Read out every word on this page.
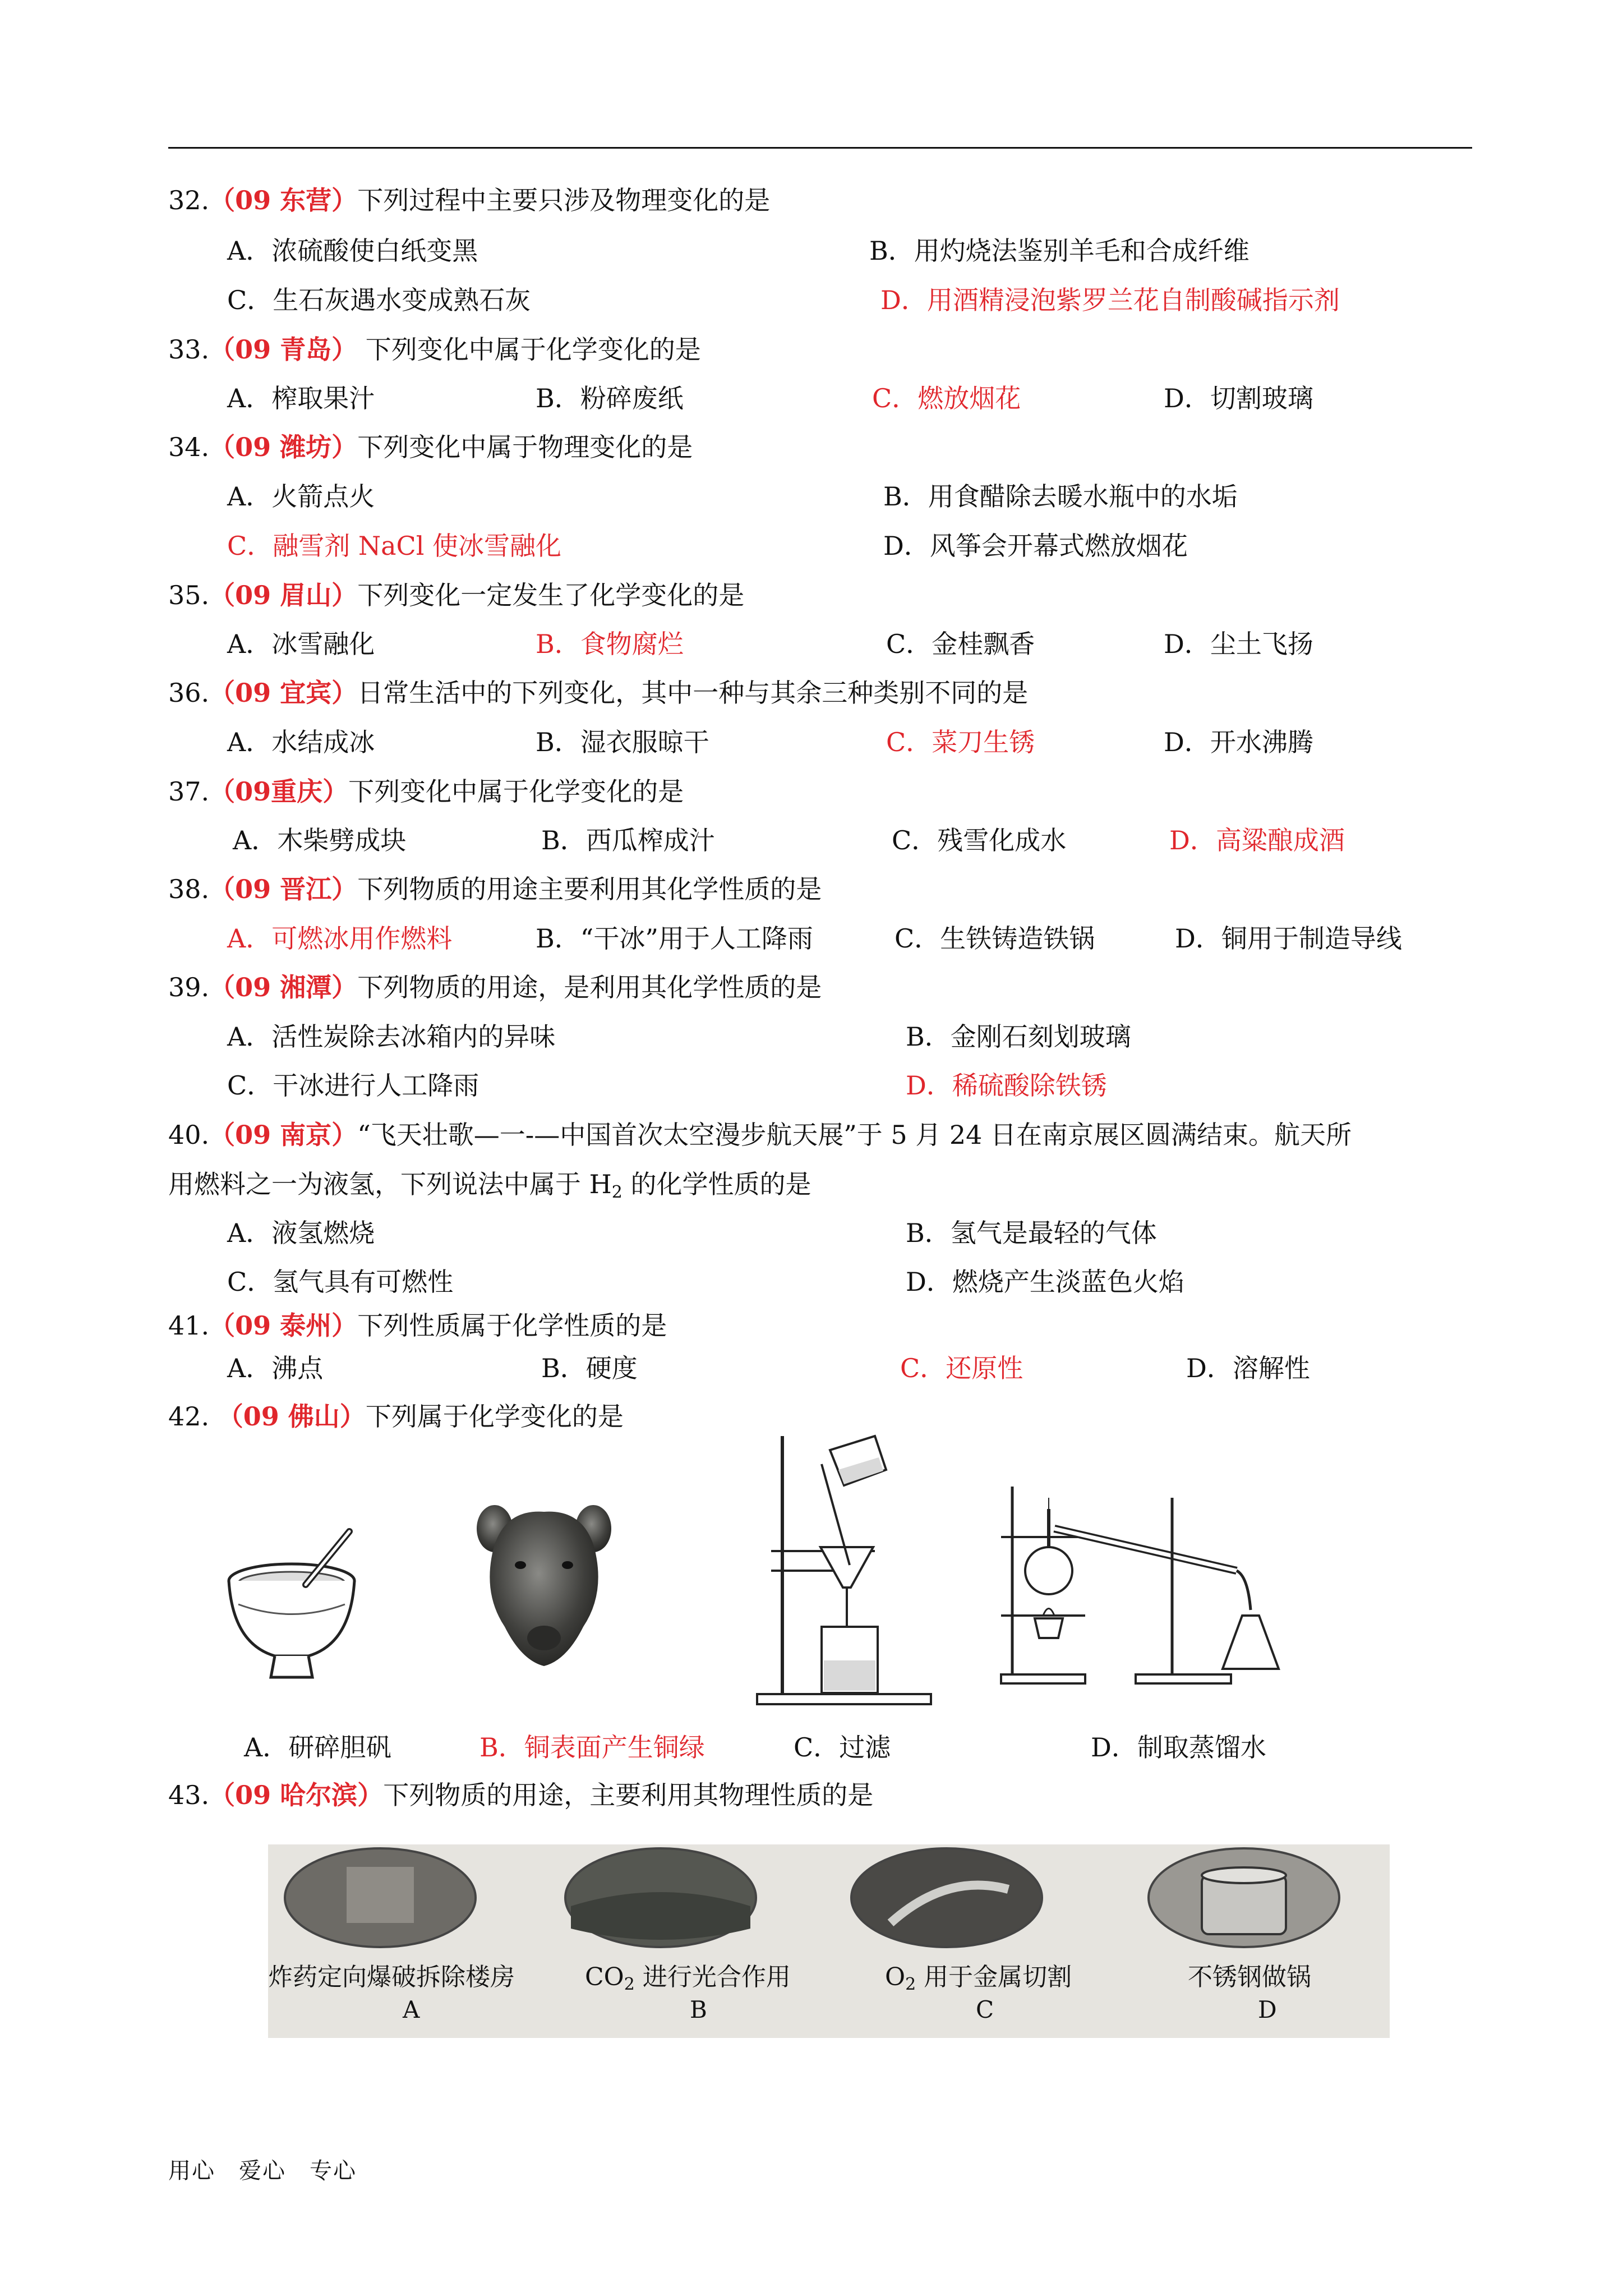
32.（09 东营）下列过程中主要只涉及物理变化的是
A．浓硫酸使白纸变黑	B．用灼烧法鉴别羊毛和合成纤维
C．生石灰遇水变成熟石灰	D．用酒精浸泡紫罗兰花自制酸碱指示剂
33.（09 青岛） 下列变化中属于化学变化的是
A．榨取果汁	B．粉碎废纸	C．燃放烟花	D．切割玻璃
34.（09 潍坊）下列变化中属于物理变化的是
A．火箭点火	B．用食醋除去暖水瓶中的水垢
C．融雪剂 NaCl 使冰雪融化	D．风筝会开幕式燃放烟花
35.（09 眉山）下列变化一定发生了化学变化的是
A．冰雪融化	B．食物腐烂	C．金桂飘香	D．尘土飞扬
36.（09 宜宾）日常生活中的下列变化，其中一种与其余三种类别不同的是
A．水结成冰	B．湿衣服晾干	C．菜刀生锈	D．开水沸腾
37.（09重庆）下列变化中属于化学变化的是
A．木柴劈成块	B．西瓜榨成汁	C．残雪化成水	D．高粱酿成酒
38.（09 晋江）下列物质的用途主要利用其化学性质的是
A．可燃冰用作燃料	B．“干冰”用于人工降雨	C．生铁铸造铁锅	D．铜用于制造导线
39.（09 湘潭）下列物质的用途，是利用其化学性质的是
A．活性炭除去冰箱内的异味	B．金刚石刻划玻璃
C．干冰进行人工降雨	D．稀硫酸除铁锈
40.（09 南京）“飞天壮歌—一-—中国首次太空漫步航天展”于 5 月 24 日在南京展区圆满结束。航天所
用燃料之一为液氢，下列说法中属于 $H_2$ 的化学性质的是
A．液氢燃烧	B．氢气是最轻的气体
C．氢气具有可燃性	D．燃烧产生淡蓝色火焰
41.（09 泰州）下列性质属于化学性质的是
A．沸点	B．硬度	C．还原性	D．溶解性
42. （09 佛山）下列属于化学变化的是
A．研碎胆矾	B．铜表面产生铜绿	C．过滤	D．制取蒸馏水
43.（09 哈尔滨）下列物质的用途，主要利用其物理性质的是
炸药定向爆破拆除楼房	$CO_2$ 进行光合作用	$O_2$ 用于金属切割	不锈钢做锅
A	B	C	D
用心　爱心　专心
